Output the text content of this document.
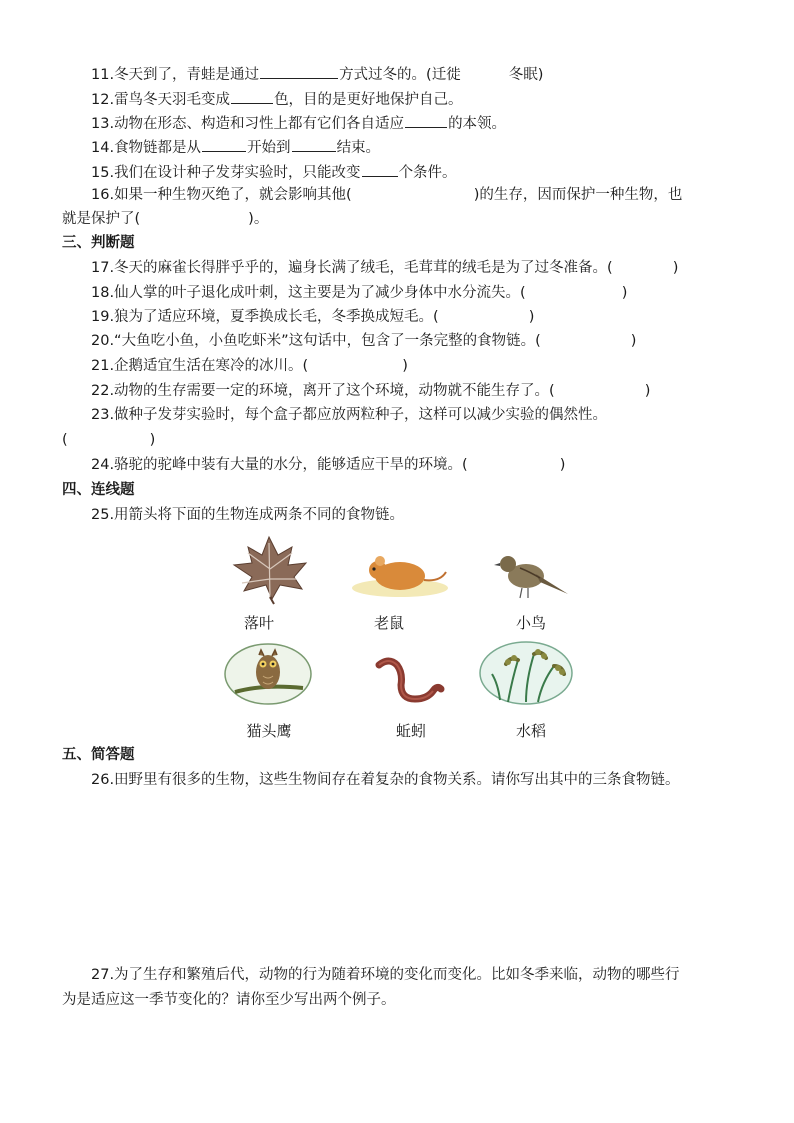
11.冬天到了，青蛙是通过	方式过冬的。(迁徙	冬眠)
12.雷鸟冬天羽毛变成	色，目的是更好地保护自己。
13.动物在形态、构造和习性上都有它们各自适应	的本领。
14.食物链都是从	开始到	结束。
15.我们在设计种子发芽实验时，只能改变	个条件。
16.如果一种生物灭绝了，就会影响其他(	)的生存，因而保护一种生物，也
就是保护了(	)。
三、判断题
17.冬天的麻雀长得胖乎乎的，遍身长满了绒毛，毛茸茸的绒毛是为了过冬准备。(	)
18.仙人掌的叶子退化成叶刺，这主要是为了减少身体中水分流失。(	)
19.狼为了适应环境，夏季换成长毛，冬季换成短毛。(	)
20.“大鱼吃小鱼，小鱼吃虾米”这句话中，包含了一条完整的食物链。(	)
21.企鹅适宜生活在寒冷的冰川。(	)
22.动物的生存需要一定的环境，离开了这个环境，动物就不能生存了。(	)
23.做种子发芽实验时，每个盒子都应放两粒种子，这样可以减少实验的偶然性。
(	)
24.骆驼的驼峰中装有大量的水分，能够适应干旱的环境。(	)
四、连线题
25.用箭头将下面的生物连成两条不同的食物链。
落叶	老鼠	小鸟
猫头鹰	蚯蚓	水稻
五、简答题
26.田野里有很多的生物，这些生物间存在着复杂的食物关系。请你写出其中的三条食物链。
27.为了生存和繁殖后代，动物的行为随着环境的变化而变化。比如冬季来临，动物的哪些行
为是适应这一季节变化的？请你至少写出两个例子。
